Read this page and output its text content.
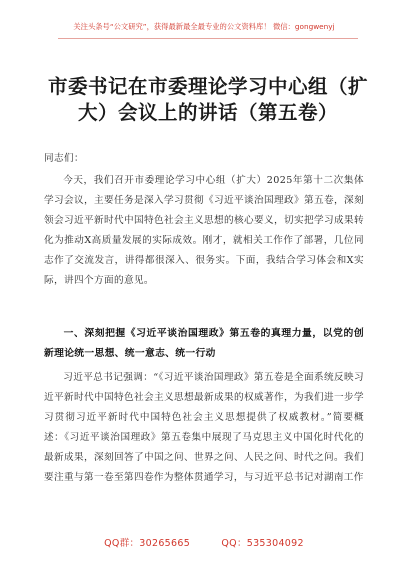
关注头条号“公文研究”，获得最新最全最专业的公文资料库！ 微信：gongwenyj
市委书记在市委理论学习中心组（扩大）会议上的讲话（第五卷）
同志们：
今天，我们召开市委理论学习中心组（扩大）2025年第十二次集体学习会议，主要任务是深入学习贯彻《习近平谈治国理政》第五卷，深刻领会习近平新时代中国特色社会主义思想的核心要义，切实把学习成果转化为推动X高质量发展的实际成效。刚才，就相关工作作了部署，几位同志作了交流发言，讲得都很深入、很务实。下面，我结合学习体会和X实际，讲四个方面的意见。
一、深刻把握《习近平谈治国理政》第五卷的真理力量，以党的创新理论统一思想、统一意志、统一行动
习近平总书记强调：“《习近平谈治国理政》第五卷是全面系统反映习近平新时代中国特色社会主义思想最新成果的权威著作，为我们进一步学习贯彻习近平新时代中国特色社会主义思想提供了权威教材。”简要概述：《习近平谈治国理政》第五卷集中展现了马克思主义中国化时代化的最新成果，深刻回答了中国之问、世界之问、人民之问、时代之问。我们要注重与第一卷至第四卷作为整体贯通学习，与习近平总书记对湖南工作
QQ群：30265665	QQ：535304092
